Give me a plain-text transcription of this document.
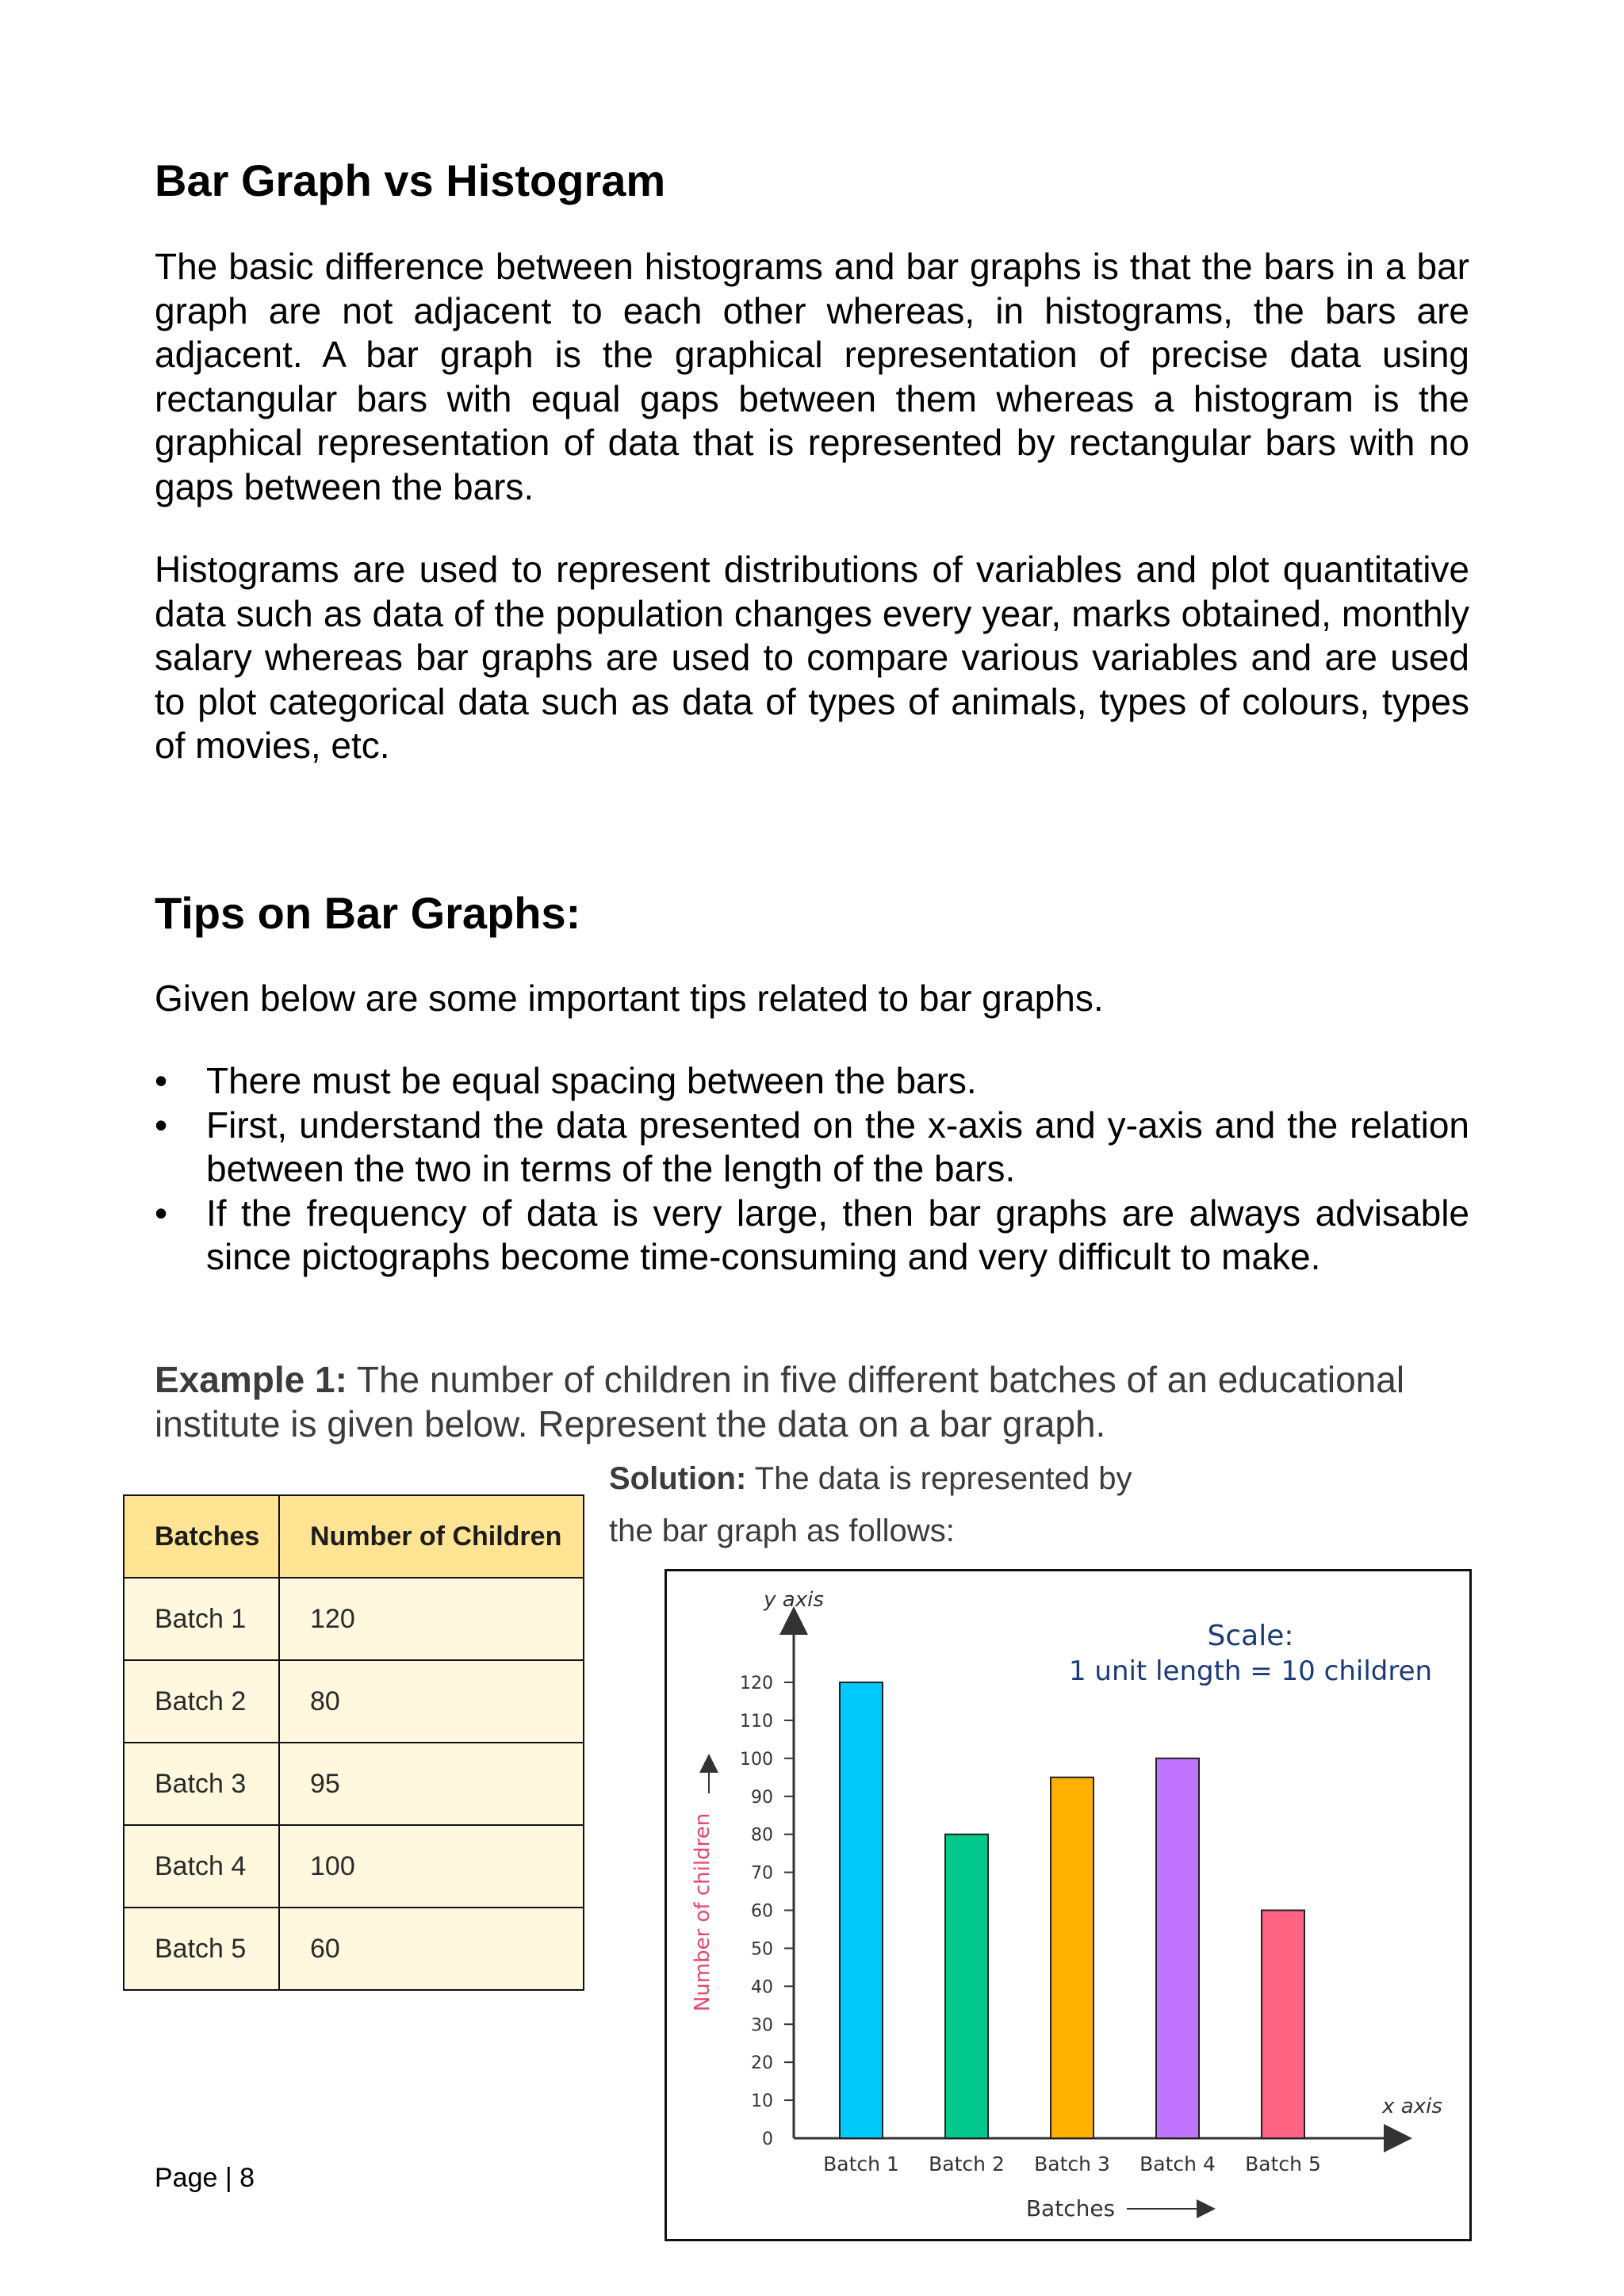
Bar Graph vs Histogram

The basic difference between histograms and bar graphs is that the bars in a bar graph are not adjacent to each other whereas, in histograms, the bars are adjacent. A bar graph is the graphical representation of precise data using rectangular bars with equal gaps between them whereas a histogram is the graphical representation of data that is represented by rectangular bars with no gaps between the bars.

Histograms are used to represent distributions of variables and plot quantitative data such as data of the population changes every year, marks obtained, monthly salary whereas bar graphs are used to compare various variables and are used to plot categorical data such as data of types of animals, types of colours, types of movies, etc.

Tips on Bar Graphs:

Given below are some important tips related to bar graphs.

• There must be equal spacing between the bars.
• First, understand the data presented on the x-axis and y-axis and the relation between the two in terms of the length of the bars.
• If the frequency of data is very large, then bar graphs are always advisable since pictographs become time-consuming and very difficult to make.
Example 1: The number of children in five different batches of an educational institute is given below. Represent the data on a bar graph.
Solution: The data is represented by
the bar graph as follows:
Batches	Number of Children
Batch 1	120
Batch 2	80
Batch 3	95
Batch 4	100
Batch 5	60
y axis
x axis
Scale:
1 unit length = 10 children
0
10
20
30
40
50
60
70
80
90
100
110
120
Batch 1 Batch 2 Batch 3 Batch 4 Batch 5
Number of children
Batches
Page | 8
